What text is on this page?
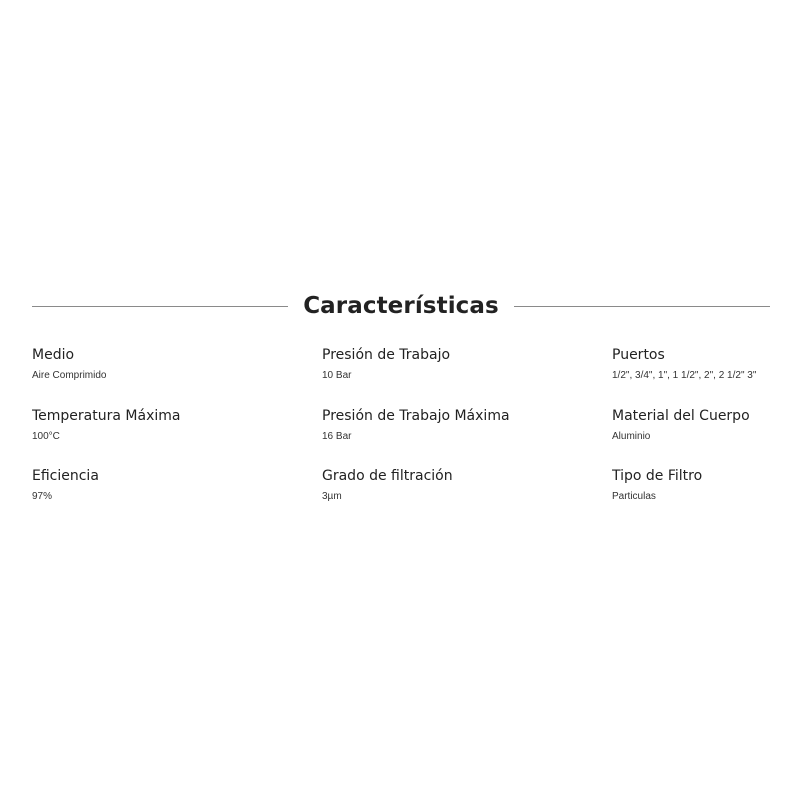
Características
Medio
Aire Comprimido
Presión de Trabajo
10 Bar
Puertos
1/2", 3/4", 1", 1 1/2", 2", 2 1/2" 3"
Temperatura Máxima
100°C
Presión de Trabajo Máxima
16 Bar
Material del Cuerpo
Aluminio
Eficiencia
97%
Grado de filtración
3µm
Tipo de Filtro
Particulas
